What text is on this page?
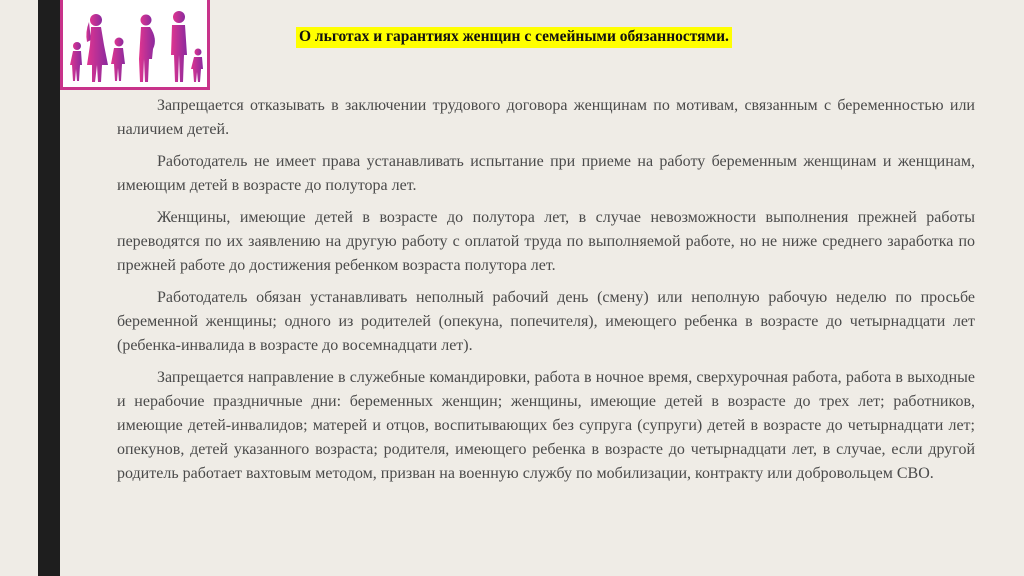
О льготах и гарантиях женщин с семейными обязанностями.

Запрещается отказывать в заключении трудового договора женщинам по мотивам, связанным с беременностью или наличием детей.

Работодатель не имеет права устанавливать испытание при приеме на работу беременным женщинам и женщинам, имеющим детей в возрасте до полутора лет.

Женщины, имеющие детей в возрасте до полутора лет, в случае невозможности выполнения прежней работы переводятся по их заявлению на другую работу с оплатой труда по выполняемой работе, но не ниже среднего заработка по прежней работе до достижения ребенком возраста полутора лет.

Работодатель обязан устанавливать неполный рабочий день (смену) или неполную рабочую неделю по просьбе беременной женщины; одного из родителей (опекуна, попечителя), имеющего ребенка в возрасте до четырнадцати лет (ребенка-инвалида в возрасте до восемнадцати лет).

Запрещается направление в служебные командировки, работа в ночное время, сверхурочная работа, работа в выходные и нерабочие праздничные дни: беременных женщин; женщины, имеющие детей в возрасте до трех лет; работников, имеющие детей-инвалидов; матерей и отцов, воспитывающих без супруга (супруги) детей в возрасте до четырнадцати лет; опекунов, детей указанного возраста; родителя, имеющего ребенка в возрасте до четырнадцати лет, в случае, если другой родитель работает вахтовым методом, призван на военную службу по мобилизации, контракту или добровольцем СВО.
